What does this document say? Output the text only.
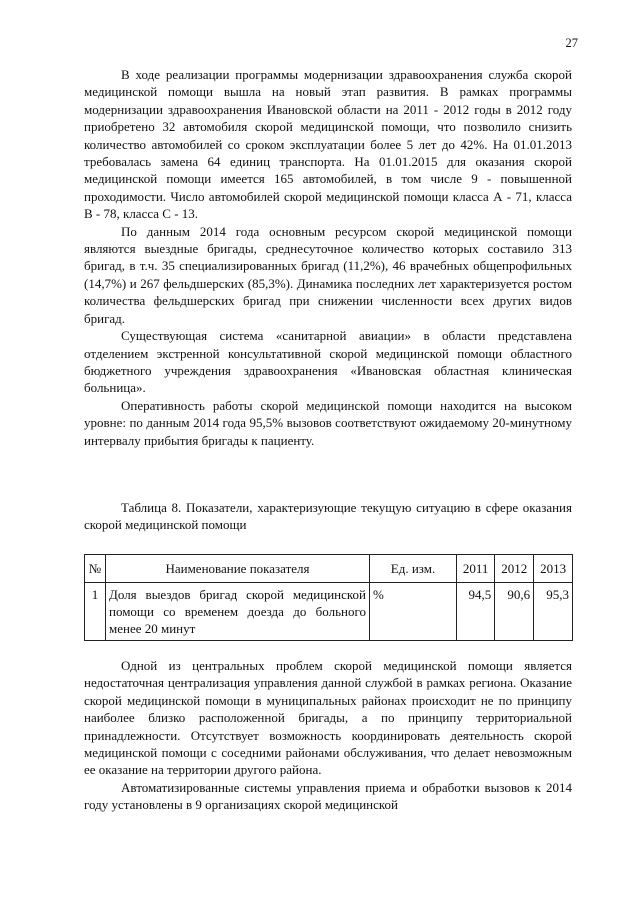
27

В ходе реализации программы модернизации здравоохранения служба скорой медицинской помощи вышла на новый этап развития. В рамках программы модернизации здравоохранения Ивановской области на 2011 - 2012 годы в 2012 году приобретено 32 автомобиля скорой медицинской помощи, что позволило снизить количество автомобилей со сроком эксплуатации более 5 лет до 42%. На 01.01.2013 требовалась замена 64 единиц транспорта. На 01.01.2015 для оказания скорой медицинской помощи имеется 165 автомобилей, в том числе 9 - повышенной проходимости. Число автомобилей скорой медицинской помощи класса А - 71, класса В - 78, класса С - 13.

По данным 2014 года основным ресурсом скорой медицинской помощи являются выездные бригады, среднесуточное количество которых составило 313 бригад, в т.ч. 35 специализированных бригад (11,2%), 46 врачебных общепрофильных (14,7%) и 267 фельдшерских (85,3%). Динамика последних лет характеризуется ростом количества фельдшерских бригад при снижении численности всех других видов бригад.

Существующая система «санитарной авиации» в области представлена отделением экстренной консультативной скорой медицинской помощи областного бюджетного учреждения здравоохранения «Ивановская областная клиническая больница».

Оперативность работы скорой медицинской помощи находится на высоком уровне: по данным 2014 года 95,5% вызовов соответствуют ожидаемому 20-минутному интервалу прибытия бригады к пациенту.

Таблица 8. Показатели, характеризующие текущую ситуацию в сфере оказания скорой медицинской помощи

№	Наименование показателя	Ед. изм.	2011	2012	2013
1	Доля выездов бригад скорой медицинской помощи со временем доезда до больного менее 20 минут	%	94,5	90,6	95,3

Одной из центральных проблем скорой медицинской помощи является недостаточная централизация управления данной службой в рамках региона. Оказание скорой медицинской помощи в муниципальных районах происходит не по принципу наиболее близко расположенной бригады, а по принципу территориальной принадлежности. Отсутствует возможность координировать деятельность скорой медицинской помощи с соседними районами обслуживания, что делает невозможным ее оказание на территории другого района.

Автоматизированные системы управления приема и обработки вызовов к 2014 году установлены в 9 организациях скорой медицинской
